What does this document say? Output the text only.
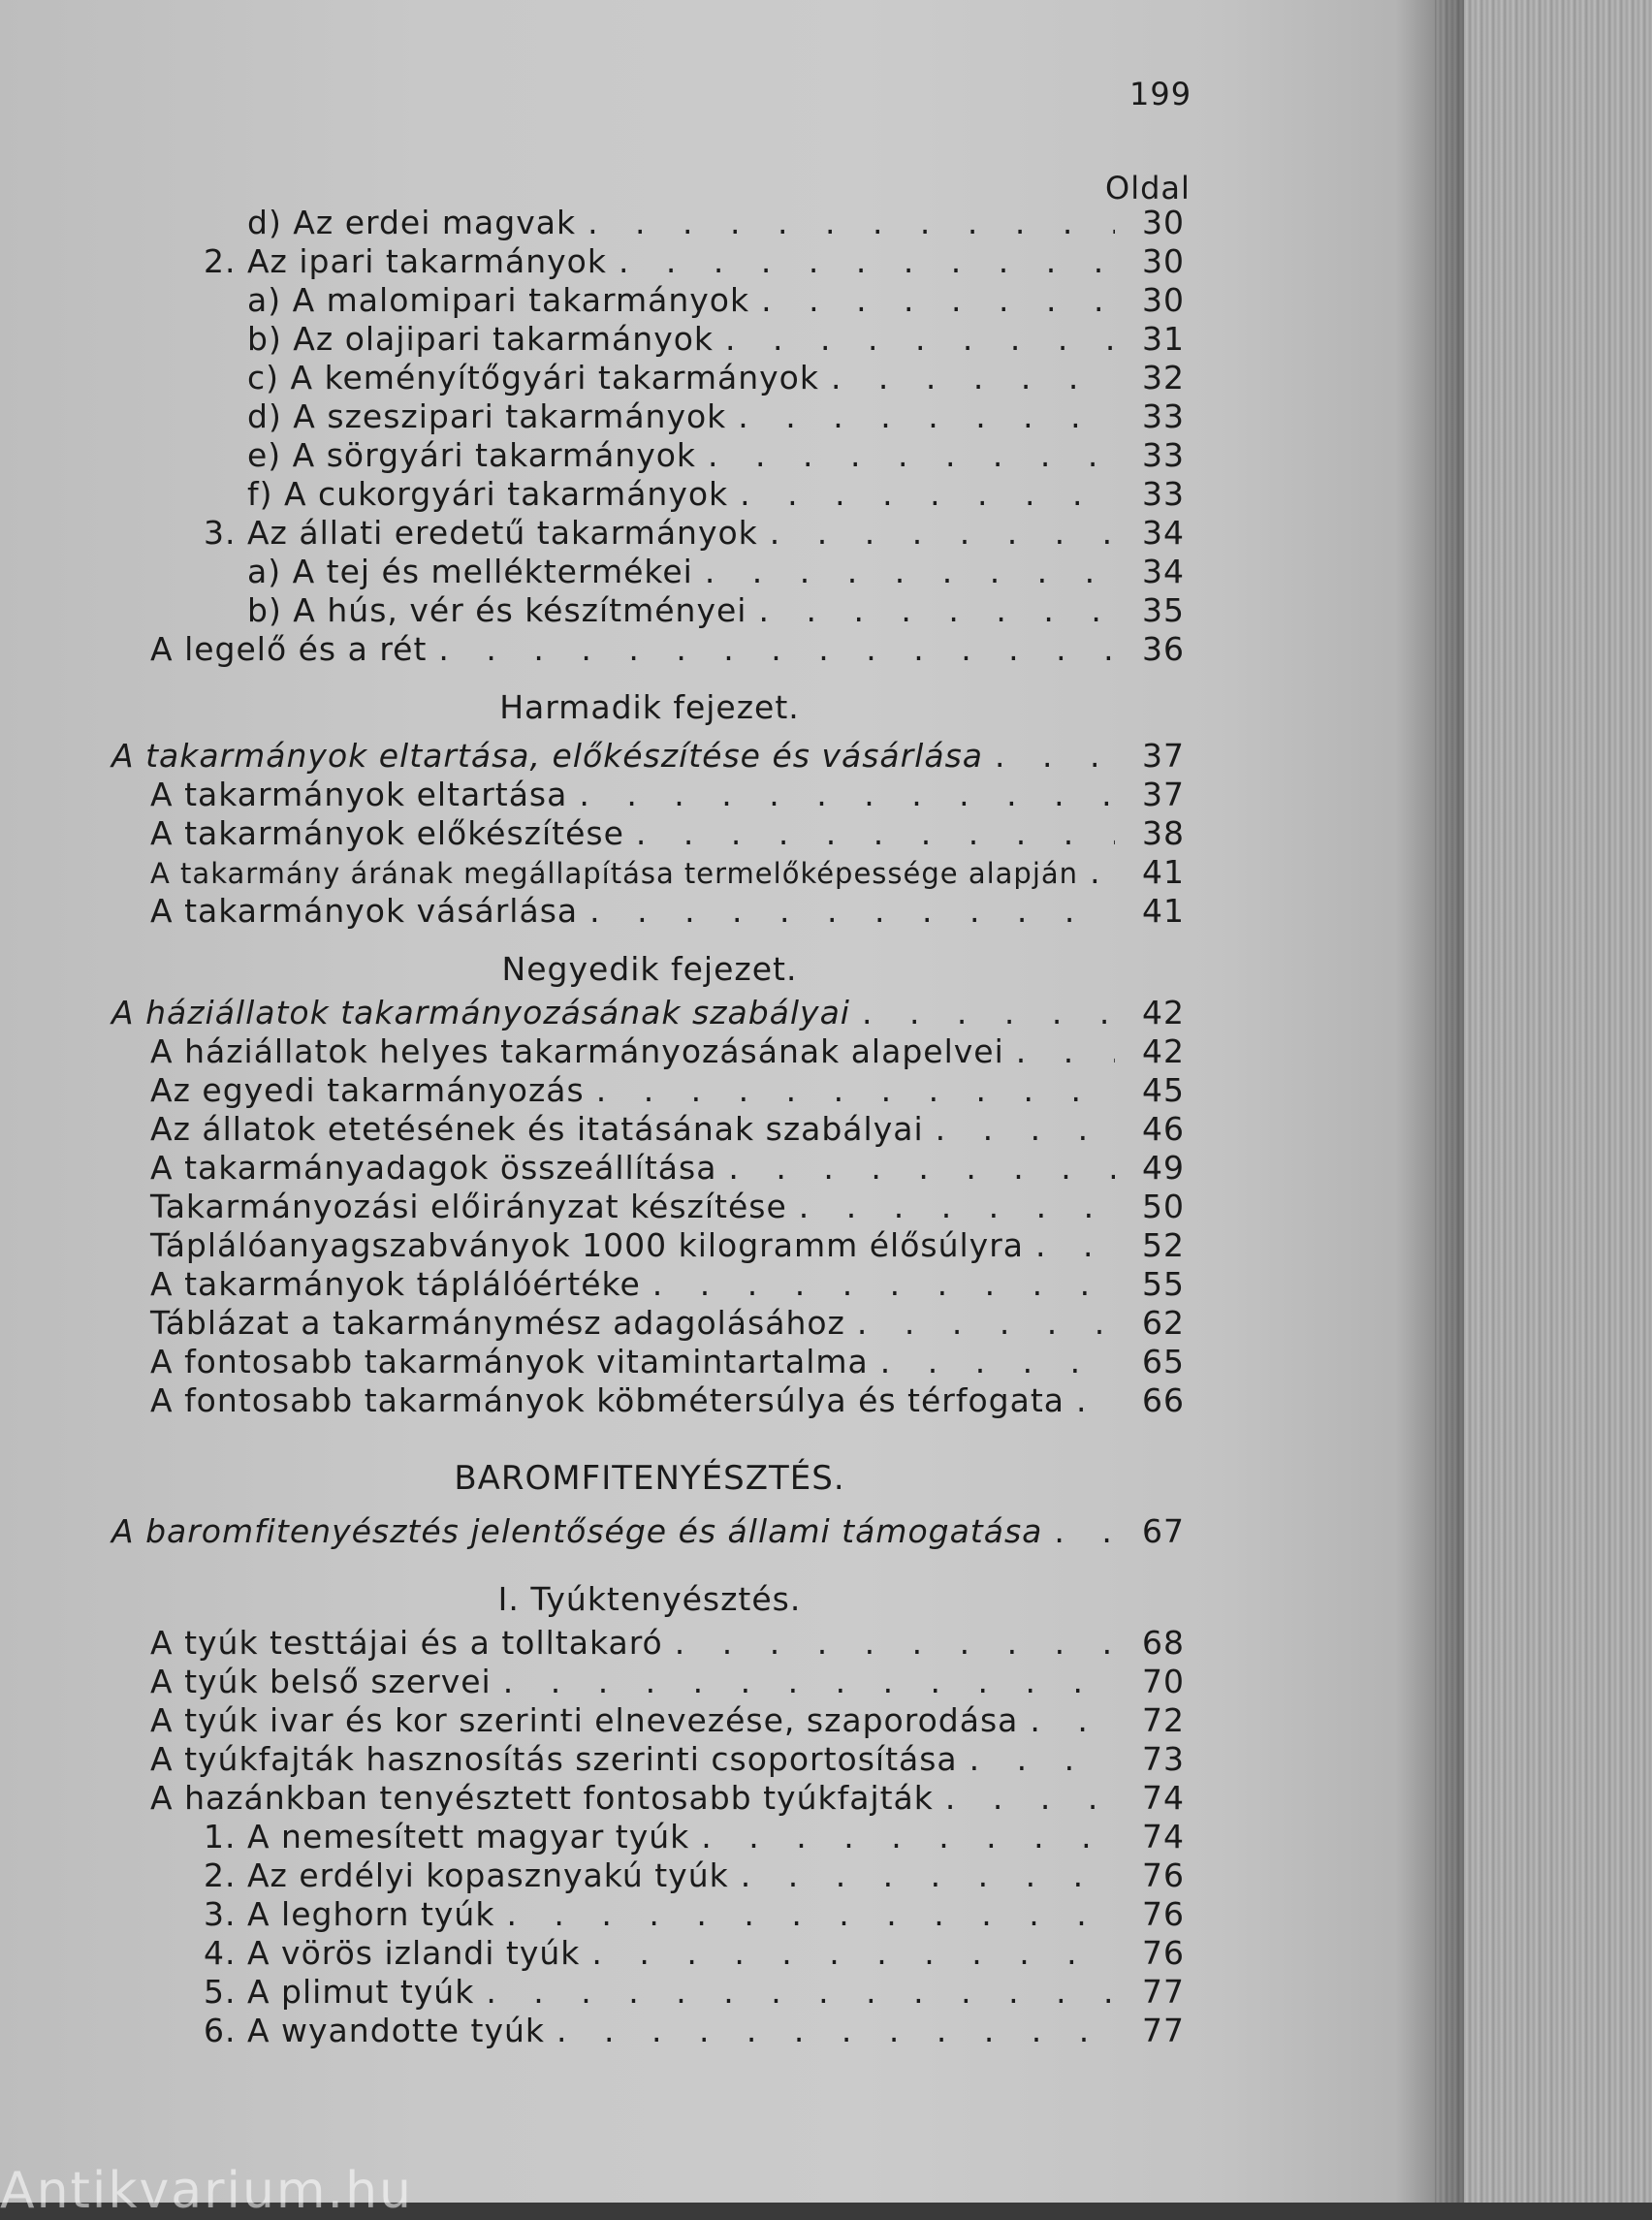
199
Oldal
d) Az erdei magvak . . .	30
2. Az ipari takarmányok . . .	30
a) A malomipari takarmányok . . .	30
b) Az olajipari takarmányok . . .	31
c) A keményítőgyári takarmányok . . .	32
d) A szeszipari takarmányok . . .	33
e) A sörgyári takarmányok . . .	33
f) A cukorgyári takarmányok . . .	33
3. Az állati eredetű takarmányok . . .	34
a) A tej és melléktermékei . . .	34
b) A hús, vér és készítményei . . .	35
A legelő és a rét . . .	36
Harmadik fejezet.
A takarmányok eltartása, előkészítése és vásárlása . . .	37
A takarmányok eltartása . . .	37
A takarmányok előkészítése . . .	38
A takarmány árának megállapítása termelőképessége alapján . . . 41
A takarmányok vásárlása . . .	41
Negyedik fejezet.
A háziállatok takarmányozásának szabályai . . .	42
A háziállatok helyes takarmányozásának alapelvei . . .	42
Az egyedi takarmányozás . . .	45
Az állatok etetésének és itatásának szabályai . . .	46
A takarmányadagok összeállítása . . .	49
Takarmányozási előirányzat készítése . . .	50
Táplálóanyagszabványok 1000 kilogramm élősúlyra . . .	52
A takarmányok táplálóértéke . . .	55
Táblázat a takarmánymész adagolásához . . .	62
A fontosabb takarmányok vitamintartalma . . .	65
A fontosabb takarmányok köbmétersúlya és térfogata . . . 66
BAROMFITENYÉSZTÉS.
A baromfitenyésztés jelentősége és állami támogatása . . .	67
I. Tyúktenyésztés.
A tyúk testtájai és a tolltakaró . . .	68
A tyúk belső szervei . . .	70
A tyúk ivar és kor szerinti elnevezése, szaporodása . . .	72
A tyúkfajták hasznosítás szerinti csoportosítása . . .	73
A hazánkban tenyésztett fontosabb tyúkfajták . . .	74
1. A nemesített magyar tyúk . . .	74
2. Az erdélyi kopasznyakú tyúk . . .	76
3. A leghorn tyúk . . .	76
4. A vörös izlandi tyúk . . .	76
5. A plimut tyúk . . .	77
6. A wyandotte tyúk . . .	77
Antikvarium.hu
